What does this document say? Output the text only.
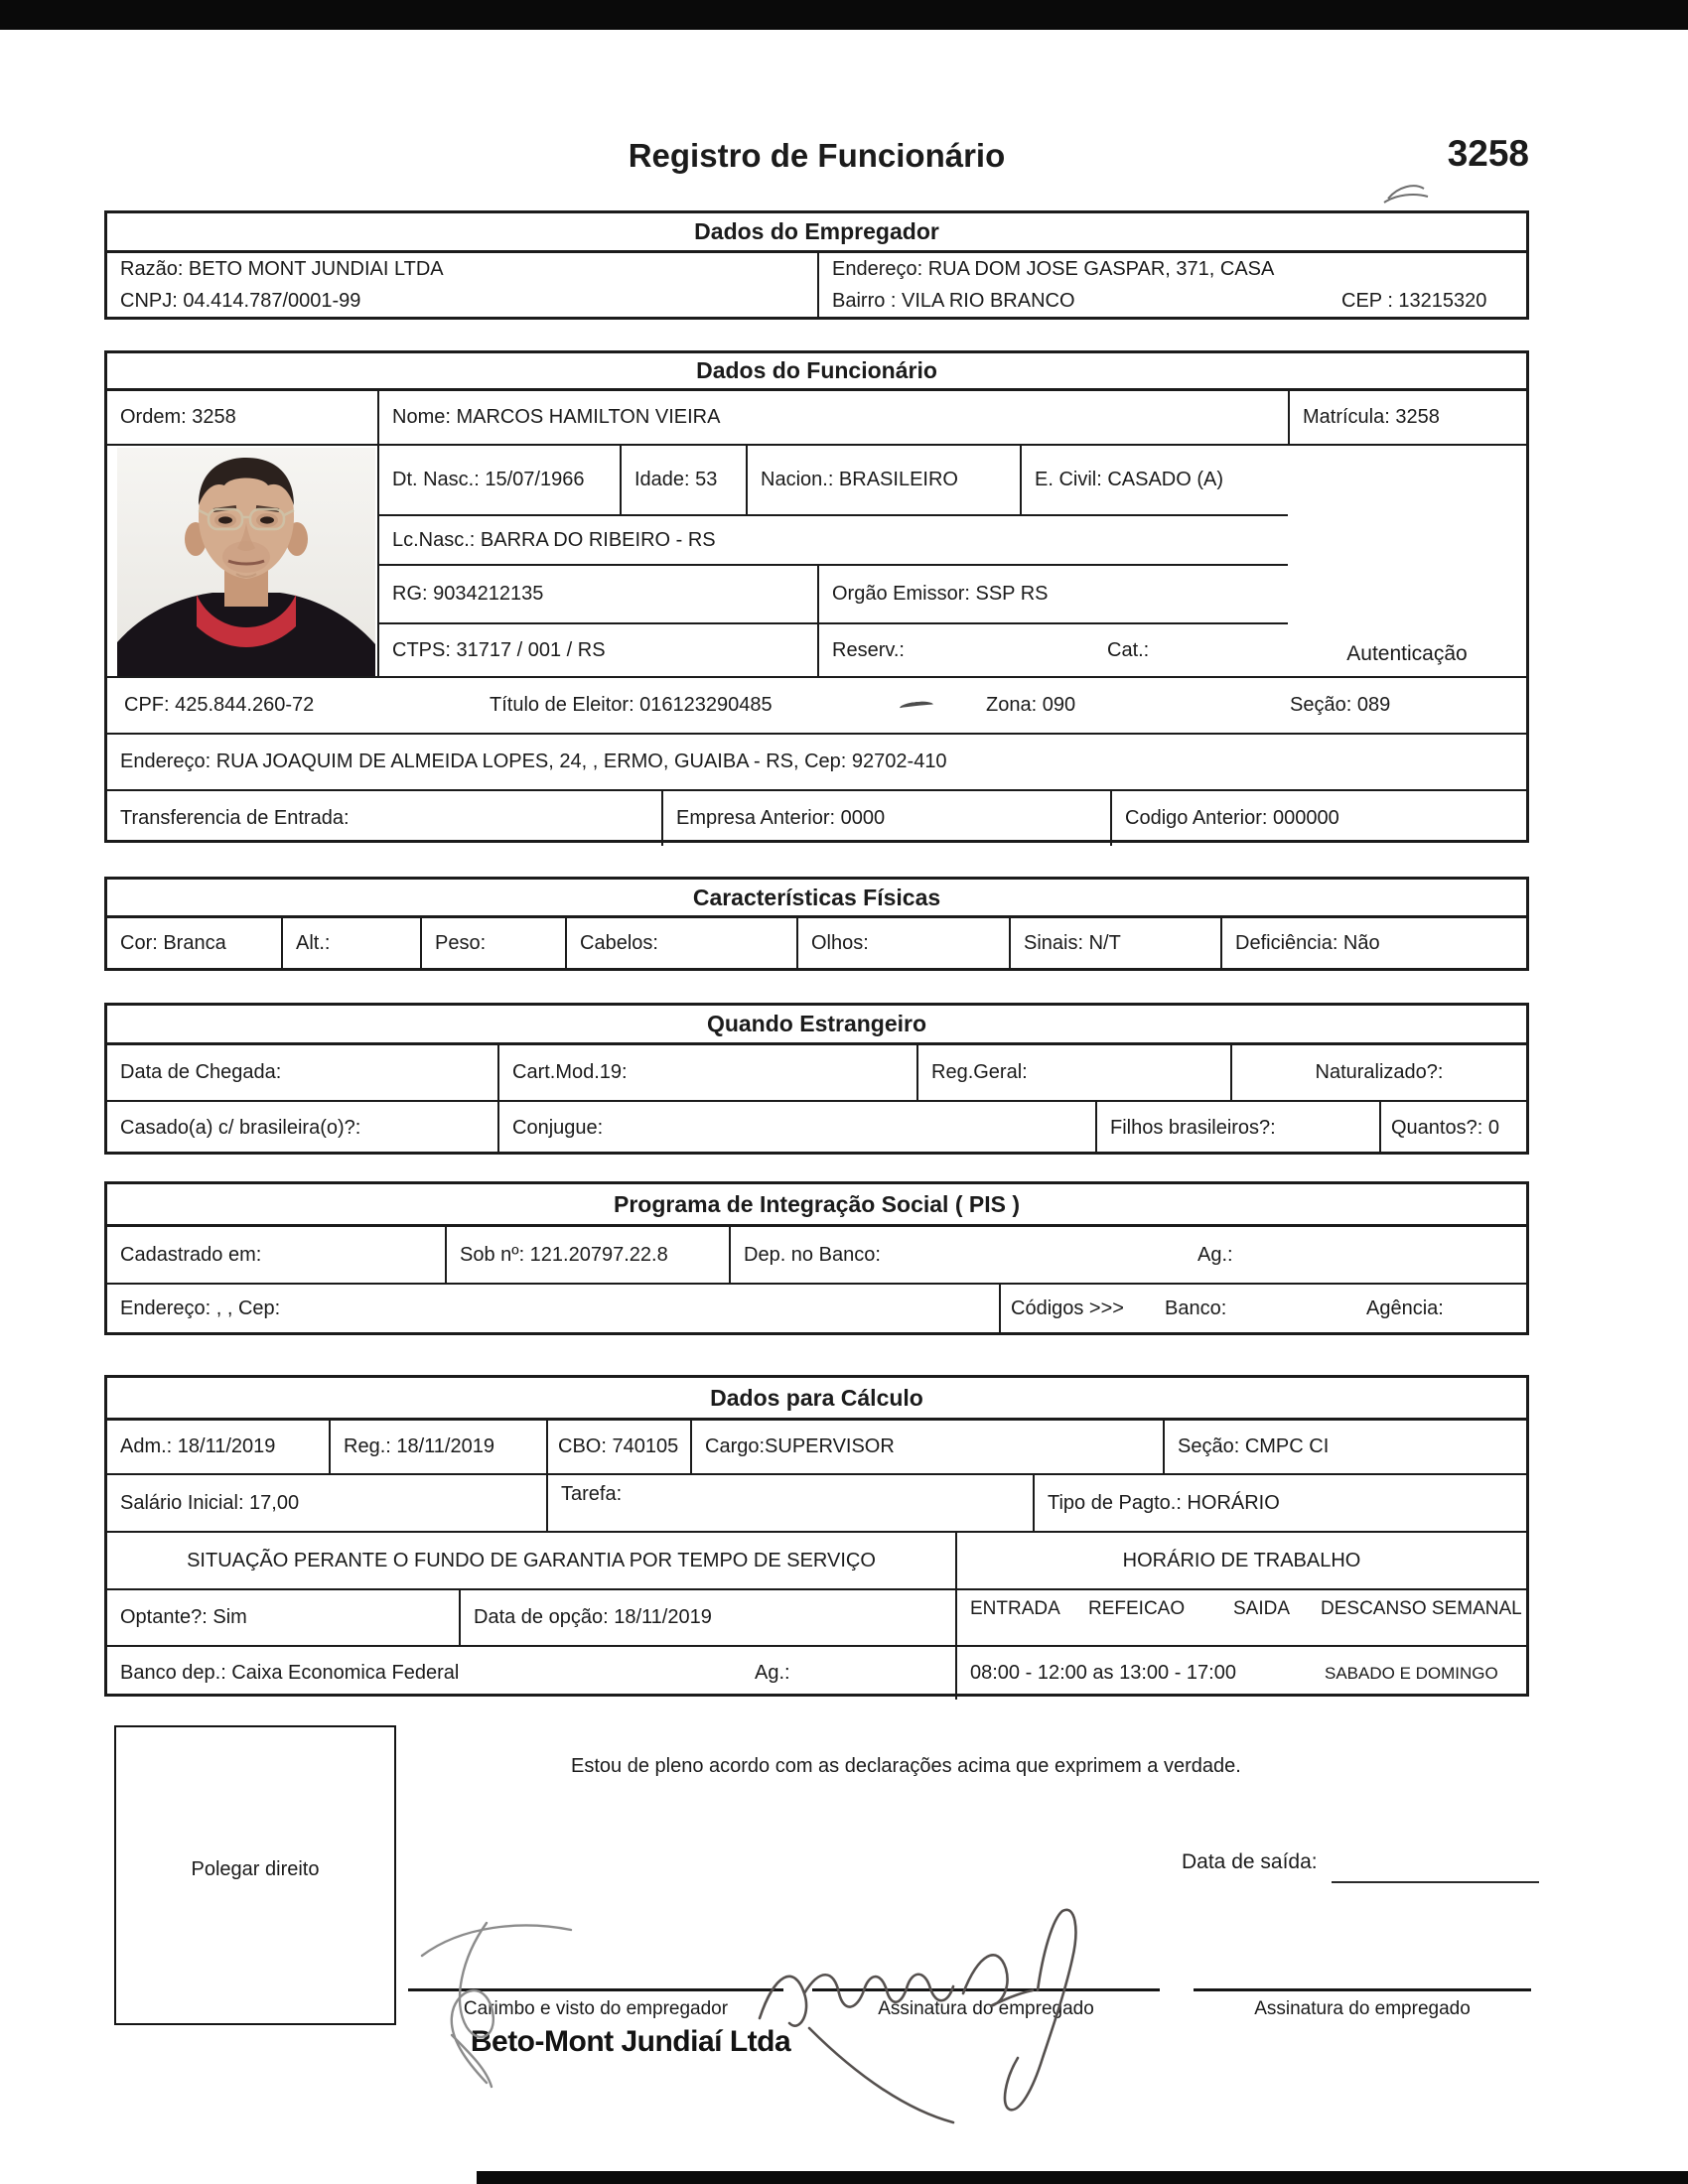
Registro de Funcionário	3258
Dados do Empregador
Razão: BETO MONT JUNDIAI LTDA
CNPJ: 04.414.787/0001-99
Endereço: RUA DOM JOSE GASPAR, 371, CASA
Bairro : VILA RIO BRANCO	CEP : 13215320
Dados do Funcionário
Ordem: 3258	Nome: MARCOS HAMILTON VIEIRA	Matrícula: 3258
Dt. Nasc.: 15/07/1966	Idade: 53 Nacion.: BRASILEIRO	E. Civil: CASADO (A)
Lc.Nasc.: BARRA DO RIBEIRO - RS
RG: 9034212135	Orgão Emissor: SSP RS
CTPS: 31717 / 001 / RS	Reserv.:	Cat.:	Autenticação
CPF: 425.844.260-72	Título de Eleitor: 016123290485	Zona: 090	Seção: 089
Endereço: RUA JOAQUIM DE ALMEIDA LOPES, 24, , ERMO, GUAIBA - RS, Cep: 92702-410
Transferencia de Entrada:	Empresa Anterior: 0000	Codigo Anterior: 000000
Características Físicas
Cor: Branca	Alt.:	Peso:	Cabelos:	Olhos:	Sinais: N/T	Deficiência: Não
Quando Estrangeiro
Data de Chegada:	Cart.Mod.19:	Reg.Geral:	Naturalizado?:
Casado(a) c/ brasileira(o)?:	Conjugue:	Filhos brasileiros?:	Quantos?: 0
Programa de Integração Social ( PIS )
Cadastrado em:	Sob nº: 121.20797.22.8	Dep. no Banco:	Ag.:
Endereço: , , Cep:	Códigos >>> Banco:	Agência:
Dados para Cálculo
Adm.: 18/11/2019	Reg.: 18/11/2019	CBO: 740105 Cargo:SUPERVISOR	Seção: CMPC CI
Salário Inicial: 17,00	Tarefa:	Tipo de Pagto.: HORÁRIO
SITUAÇÃO PERANTE O FUNDO DE GARANTIA POR TEMPO DE SERVIÇO	HORÁRIO DE TRABALHO
Optante?: Sim	Data de opção: 18/11/2019	ENTRADA REFEICAO	SAIDA DESCANSO SEMANAL
Banco dep.: Caixa Economica Federal	Ag.:	08:00 - 12:00 as 13:00 - 17:00	SABADO E DOMINGO
Polegar direito
Estou de pleno acordo com as declarações acima que exprimem a verdade.
Data de saída:
Carimbo e visto do empregador	Assinatura do empregado	Assinatura do empregado
Beto-Mont Jundiaí Ltda
